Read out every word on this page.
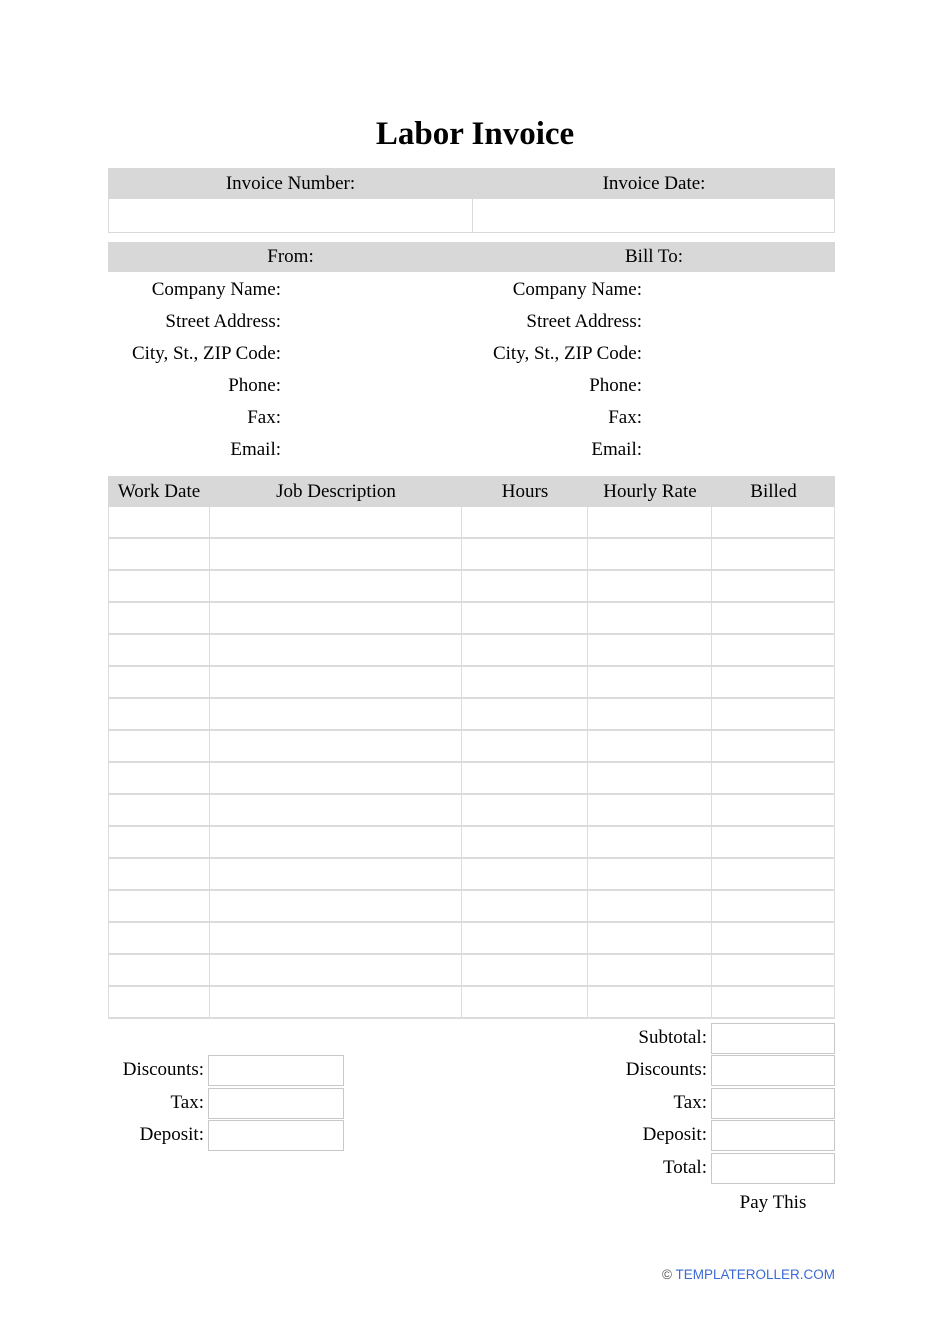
Labor Invoice
Invoice Number:	Invoice Date:
From:	Bill To:
Company Name:	Company Name:
Street Address:	Street Address:
City, St., ZIP Code:	City, St., ZIP Code:
Phone:	Phone:
Fax:	Fax:
Email:	Email:
Work Date	Job Description	Hours	Hourly Rate	Billed
Subtotal:
Discounts:	Discounts:
Tax:	Tax:
Deposit:	Deposit:
Total:
Pay This
© TEMPLATEROLLER.COM
